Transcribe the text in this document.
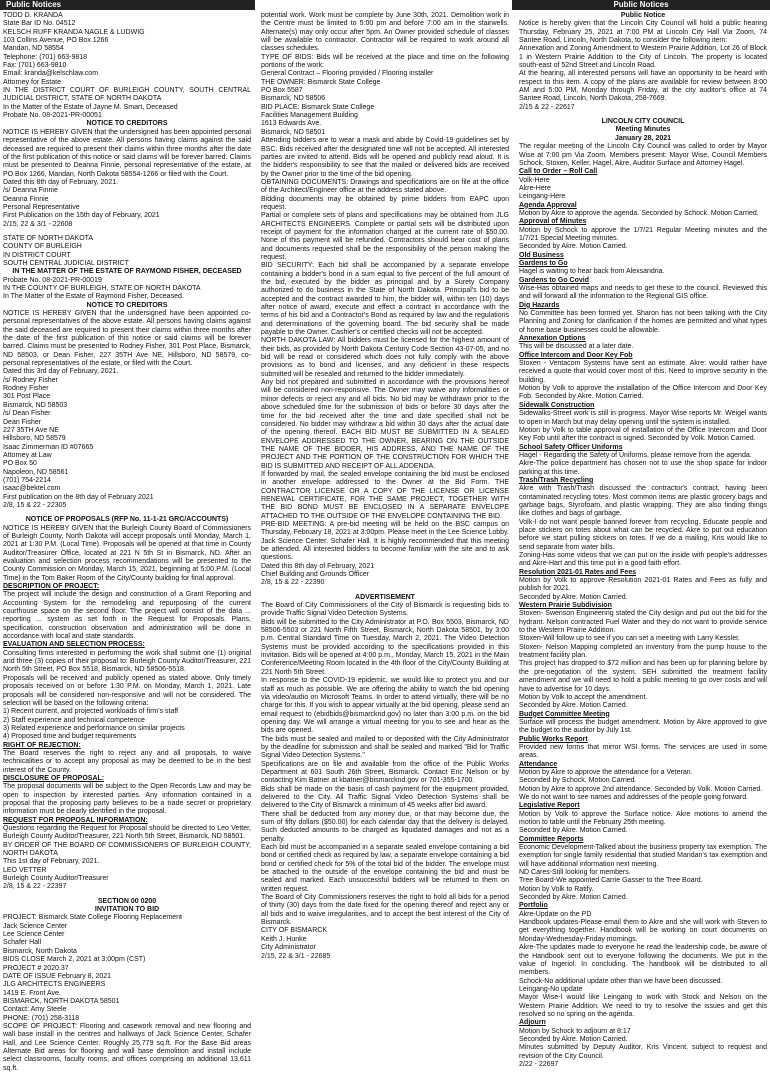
Public Notices	Public Notices

TODD D. KRANDA

State Bar ID No. 04512

KELSCH RUFF KRANDA NAGLE & LUDWIG

103 Collins Avenue, PO Box 1266

Mandan, ND 58554

Telephone: (701) 663-9818

Fax: (701) 663-9810

Email: kranda@kelschlaw.com

Attorney for Estate

IN THE DISTRICT COURT OF BURLEIGH COUNTY, SOUTH CENTRAL JUDICIAL DISTRICT, STATE OF NORTH DAKOTA

In the Matter of the Estate of Jayne M. Smart, Deceased

Probate No. 08-2021-PR-00051

NOTICE TO CREDITORS

NOTICE IS HEREBY GIVEN that the undersigned has been appointed personal representative of the above estate. All persons having claims against the said deceased are required to present their claims within three months after the date of the first publication of this notice or said claims will be forever barred. Claims must be presented to Deanna Finnie, personal representative of the estate, at PO Box 1266, Mandan, North Dakota 58554-1266 or filed with the Court.

Dated this 8th day of February, 2021.

/s/ Deanna Finnie

Deanna Finnie

Personal Representative

First Publication on the 15th day of February, 2021

2/15, 22 & 3/1 - 22608

STATE OF NORTH DAKOTA

COUNTY OF BURLEIGH

IN DISTRICT COURT

SOUTH CENTRAL JUDICIAL DISTRICT

IN THE MATTER OF THE ESTATE OF RAYMOND FISHER, DECEASED

Probate No. 08-2021-PR-00019

IN THE COUNTY OF BURLEIGH, STATE OF NORTH DAKOTA

In The Matter of the Estate of Raymond Fisher, Deceased.

NOTICE TO CREDITORS

NOTICE IS HEREBY GIVEN that the undersigned have been appointed co-personal representatives of the above estate. All persons having claims against the said deceased are required to present their claims within three months after the date of the first publication of this notice or said claims will be forever barred. Claims must be presented to Rodney Fisher, 301 Post Place, Bismarck, ND 58503, or Dean Fisher, 227 35TH Ave NE, Hillsboro, ND 58579, co-personal representatives of the estate, or filed with the Court.

Dated this 3rd day of February, 2021.

/s/ Rodney Fisher

Rodney Fisher

301 Post Place

Bismarck, ND 58503

/s/ Dean Fisher

Dean Fisher

227 35TH Ave NE

Hillsboro, ND 58579

Isaac Zimmerman ID #07665

Attorney at Law

PO Box 50

Napoleon, ND 58561

(701) 754-2214

isaac@bektel.com

First publication on the 8th day of February 2021

2/8, 15 & 22 - 22305

NOTICE OF PROPOSALS (RFP No. 11-1-21 GRC/ACCOUNTS)

NOTICE IS HEREBY GIVEN that the Burleigh County Board of Commissioners of Burleigh County, North Dakota will accept proposals until Monday, March 1, 2021 at 1:30 P.M. (Local Time). Proposals will be opened at that time in County Auditor/Treasurer Office, located at 221 N 5th St in Bismarck, ND. After an evaluation and selection process recommendations will be presented to the County Commission on Monday, March 15, 2021, beginning at 5:00 P.M. (Local Time) in the Tom Baker Room of the City/County building for final approval.

DESCRIPTION OF PROJECT:

The project will include the design and construction of a Grant Reporting and Accounting System for the remodeling and repurposing of the current courthouse space on the second floor. The project will consist of the data ... reporting ... system as set forth in the Request for Proposals. Plans, specification, construction observation and administration will be done in accordance with local and state standards.

EVALUATION AND SELECTION PROCESS:

Consulting firms interested in performing the work shall submit one (1) original and three (3) copies of their proposal to: Burleigh County Auditor/Treasurer, 221 North 5th Street, PO Box 5518, Bismarck, ND 58506-5518.

Proposals will be received and publicly opened as stated above. Only timely proposals received on or before 1:30 P.M. on Monday, March 1, 2021. Late proposals will be considered non-responsive and will not be considered. The selection will be based on the following criteria:

1) Recent current, and projected workloads of firm's staff

2) Staff experience and technical competence

3) Related experience and performance on similar projects

4) Proposed time and budget requirements

RIGHT OF REJECTION:

The Board reserves the right to reject any and all proposals, to waive technicalities or to accept any proposal as may be deemed to be in the best interest of the County.

DISCLOSURE OF PROPOSAL:

The proposal documents will be subject to the Open Records Law and may be open to inspection by interested parties. Any information contained in a proposal that the proposing party believes to be a trade secret or proprietary information must be clearly identified in the proposal.

REQUEST FOR PROPOSAL INFORMATION:

Questions regarding the Request for Proposal should be directed to Leo Vetter, Burleigh County Auditor/Treasurer, 221 North 5th Street, Bismarck, ND 58501.

BY ORDER OF THE BOARD OF COMMISSIONERS OF BURLEIGH COUNTY, NORTH DAKOTA

This 1st day of February, 2021.

LEO VETTER

Burleigh County Auditor/Treasurer

2/8, 15 & 22 - 22397

SECTION 00 0200

INVITATION TO BID

PROJECT: Bismarck State College Flooring Replacement

Jack Science Center

Lee Science Center

Schafer Hall

Bismarck, North Dakota

BIDS CLOSE March 2, 2021 at 3:00pm (CST)

PROJECT # 2020.37

DATE OF ISSUE February 8, 2021

JLG ARCHITECTS ENGINEERS

1419 E. Front Ave.

BISMARCK, NORTH DAKOTA 58501

Contact: Amy Steele

PHONE: (701) 258-3118

SCOPE OF PROJECT: Flooring and casework removal and new flooring and wall base install in the centres and hallways of Jack Science Center, Schafer Hall, and Lee Science Center. Roughly 25,779 sq.ft. For the Base Bid areas Alternate Bid areas for flooring and wall base demolition and install include select classrooms, faculty rooms, and offices comprising an additional 13,611 sq.ft.

potential work. Work must be complete by June 30th, 2021. Demolition work in the Centre must be limited to 5:00 pm and before 7:00 am in the stairwells. Alternate(s) may only occur after 5pm. An Owner provided schedule of classes will be available to contractor. Contractor will be required to work around all classes schedules.

TYPE OF BIDS: Bids will be received at the place and time on the following portions of the work:

General Contract – Flooring provided / Flooring installer

THE OWNER: Bismarck State College

PO Box 5587

Bismarck, ND 58506

BID PLACE: Bismarck State College

Facilities Management Building

1613 Edwards Ave.

Bismarck, ND 58501

Attending bidders are to wear a mask and abide by Covid-19 guidelines set by BSC. Bids received after the designated time will not be accepted. All interested parties are invited to attend. Bids will be opened and publicly read aloud. It is the bidder's responsibility to see that the mailed or delivered bids are received by the Owner prior to the time of the bid opening.

OBTAINING DOCUMENTS: Drawings and specifications are on file at the office of the Architect/Engineer office at the address stated above.

Bidding documents may be obtained by prime bidders from EAPC upon request.

Partial or complete sets of plans and specifications may be obtained from JLG ARCHITECTS ENGINEERS. Complete or partial sets will be distributed upon receipt of payment for the information charged at the current rate of $50.00. None of this payment will be refunded. Contractors should bear cost of plans and documents requested shall be the responsibility of the person making the request.

BID SECURITY: Each bid shall be accompanied by a separate envelope containing a bidder's bond in a sum equal to five percent of the full amount of the bid, executed by the bidder as principal and by a Surety Company authorized to do business in the State of North Dakota. Principal's bid to be accepted and the contract awarded to him, the bidder will, within ten (10) days after notice of award, execute and effect a contract in accordance with the terms of his bid and a Contractor's Bond as required by law and the regulations and determinations of the governing board. The bid security shall be made payable to the Owner. Cashier's or certified checks will not be accepted.

NORTH DAKOTA LAW: All bidders must be licensed for the highest amount of their bids, as provided by North Dakota Century Code Section 43-07-05, and no bid will be read or considered which does not fully comply with the above provisions as to bond and licenses, and any deficient in these respects submitted will be resealed and returned to the bidder immediately.

Any bid not prepared and submitted in accordance with the provisions hereof will be considered non-responsive. The Owner may waive any informalities or minor defects or reject any and all bids. No bid may be withdrawn prior to the above scheduled time for the submission of bids or before 30 days after the time for the bid received after the time and date specified shall not be considered. No bidder may withdraw a bid within 30 days after the actual date of the opening thereof. EACH BID MUST BE SUBMITTED IN A SEALED ENVELOPE ADDRESSED TO THE OWNER, BEARING ON THE OUTSIDE THE NAME OF THE BIDDER, HIS ADDRESS, AND THE NAME OF THE PROJECT AND THE PORTION OF THE CONSTRUCTION FOR WHICH THE BID IS SUBMITTED AND RECEIPT OF ALL ADDENDA.

If forwarded by mail, the sealed envelope containing the bid must be enclosed in another envelope addressed to the Owner at the Bid Form. THE CONTRACTOR LICENSE OR A COPY OF THE LICENSE OR LICENSE RENEWAL CERTIFICATE, FOR THE SAME PROJECT, TOGETHER WITH THE BID BOND MUST BE ENCLOSED IN A SEPARATE ENVELOPE ATTACHED TO THE OUTSIDE OF THE ENVELOPE CONTAINING THE BID.

PRE-BID MEETING: A pre-bid meeting will be held on the BSC campus on Thursday, February 18, 2021 at 3:00pm. Please meet in the Lee Science Lobby. Jack Science Center. Schafer Hall. It is highly recommended that this meeting be attended. All interested bidders to become familiar with the site and to ask questions.

Dated this 8th day of February, 2021

Chief Building and Grounds Officer

2/8, 15 & 22 - 22390

ADVERTISEMENT

The Board of City Commissioners of the City of Bismarck is requesting bids to provide Traffic Signal Video Detection Systems.

Bids will be submitted to the City Administrator at P.O. Box 5503, Bismarck, ND 58506-5503 or 221 North Fifth Street, Bismarck, North Dakota 58501, by 3:00 p.m. Central Standard Time on Tuesday, March 2, 2021. The Video Detection Systems must be provided according to the specifications provided in this invitation. Bids will be opened at 4:00 p.m., Monday, March 15, 2021 in the Main Conference/Meeting Room located in the 4th floor of the City/County Building at 221 North 5th Street.

In response to the COVID-19 epidemic, we would like to protect you and our staff as much as possible. We are offering the ability to watch the bid opening via video/audio on Microsoft Teams. In order to attend virtually, there will be no charge for this. If you wish to appear virtually at the bid opening, please send an email request to (ebidbids@bismarcknd.gov) no later than 3:00 p.m. on the bid opening day. We will arrange a virtual meeting for you to see and hear as the bids are opened.

The bids must be sealed and mailed to or deposited with the City Administrator by the deadline for submission and shall be sealed and marked "Bid for Traffic Signal Video Detection Systems."

Specifications are on file and available from the office of the Public Works Department at 601 South 26th Street, Bismarck. Contact Eric Nelson or by contacting Kim Batner at kbatner@bismarcknd.gov or 701-355-1700.

Bids shall be made on the basis of cash payment for the equipment provided, delivered to the City. All Traffic Signal Video Detection Systems shall be delivered to the City of Bismarck a minimum of 45 weeks after bid award.

There shall be deducted from any money due, or that may become due, the sum of fifty dollars ($50.00) for each calendar day that the delivery is delayed. Such deducted amounts to be charged as liquidated damages and not as a penalty.

Each bid must be accompanied in a separate sealed envelope containing a bid bond or certified check as required by law, a separate envelope containing a bid bond or certified check for 5% of the total bid of the bidder. The envelope must be attached to the outside of the envelope containing the bid and must be sealed and marked. Each unsuccessful bidders will be returned to them on written request.

The Board of City Commissioners reserves the right to hold all bids for a period of thirty (30) days from the date fixed for the opening thereof and reject any or all bids and to waive irregularities, and to accept the best interest of the City of Bismarck.

CITY OF BISMARCK

Keith J. Hunke

City Administrator

2/15, 22 & 3/1 - 22685

Public Notice

Notice is hereby given that the Lincoln City Council will hold a public hearing Thursday, February 25, 2021 at 7:00 PM at Lincoln City Hall Via Zoom, 74 Santee Road, Lincoln, North Dakota, to consider the following item:

Annexation and Zoning Amendment to Western Prairie Addition, Lot 26 of Block 1 in Western Prairie Addition to the City of Lincoln. The property is located south-east of 52nd Street and Lincoln Road.

At the hearing, all interested persons will have an opportunity to be heard with respect to this item. A copy of the plans are available for review between 8:00 AM and 5:00 PM, Monday through Friday, at the city auditor's office at 74 Santee Road, Lincoln, North Dakota, 258-7669.

2/15 & 22 - 22617

LINCOLN CITY COUNCIL

Meeting Minutes

January 28, 2021

The regular meeting of the Lincoln City Council was called to order by Mayor Wise at 7:00 pm Via Zoom. Members present: Mayor Wise, Council Members Schock, Stoxen, Keller, Hagel, Akre, Auditor Surface and Attorney Hagel.

Call to Order – Roll Call

Volk-Here

Akre-Here

Leingang-Here

Agenda Approval

Motion by Akre to approve the agenda. Seconded by Schock. Motion Carried.

Approval of Minutes

Motion by Schock to approve the 1/7/21 Regular Meeting minutes and the 1/7/21 Special Meeting minutes.

Seconded by Akre. Motion Carried.

Old Business

Gardens to Go

Hagel is waiting to hear back from Alexsandria.

Gardens to Go Covid

Wise-Has obtained maps and needs to get these to the council. Reviewed this and will forward all the information to the Regional GIS office.

Dig Hazards

No Committee has been formed yet. Sharon has not been talking with the City Planning and Zoning for clarification if the homes are permitted and what types of home base businesses could be allowable.

Annexation Options

This will be discussed at a later date.

Office Intercom and Door Key Fob

Stoxen - Ventacom Systems have sent an estimate. Akre: would rather have received a quote that would cover most of this. Need to improve security in the building.

Motion by Volk to approve the installation of the Office Intercom and Door Key Fob. Seconded by Akre. Motion Carried.

Sidewalk Construction

Sidewalks-Street work is still in progress. Mayor Wise reports Mr. Weigel wants to open in March but may delay opening until the system is installed.

Motion by Volk to table approval of installation of the Office Intercom and Door Key Fob until after the contract is signed. Seconded by Volk. Motion Carried.

School Safety Officer Uniforms

Hagel - Regarding the Safety of Uniforms, please remove from the agenda.

Akre-The police department has chosen not to use the shop space for indoor parking at this time.

Trash/Trash Recycling

Akre with Trash/Trash discussed the contractor's contract, having been contaminated recycling totes. Most common items are plastic grocery bags and garbage bags, Styrofoam, and plastic wrapping. They are also finding things like clothes and bags of garbage.

Volk-I do not want people banned forever from recycling. Educate people and place stickers on totes about what can be recycled. Akre to put out education before we start pulling stickers on totes. If we do a mailing, Kris would like to send separate from water bills.

Zoning-Has some videos that we can put on the inside with people's addresses and Akre-Hart and this time put in a good faith effort.

Resolution 2021-01 Rates and Fees

Motion by Volk to approve Resolution 2021-01 Rates and Fees as fully and publish for 2021.

Seconded by Akre. Motion Carried.

Western Prairie Subdivision

Stoxen- Swenson Engineering stated the City design and put out the bid for the hydrant. Nelson contracted Fuel Water and they do not want to provide service to the Western Prairie Addition.

Stoxen-Will follow up to see if you can set a meeting with Larry Kessler.

Stoxen- Nelson Mapping completed an inventory from the pump house to the treatment facility plan.

This project has dropped to $72 million and has been up for planning before by the pre-negotiation of the system. SEH submitted the treatment facility amendment and we will need to hold a public meeting to go over costs and will have to advertise for 10 days.

Motion by Volk to accept the amendment.

Seconded by Akre. Motion Carried.

Budget Committee Meeting

Surface will process the budget amendment. Motion by Akre approved to give the budget to the auditor by July 1st.

Public Works Report

Provided new forms that mirror WSI forms. The services are used in some areas.

Attendance

Motion by Akre to approve the attendance for a Veteran.

Seconded by Schock. Motion Carried.

Motion by Akre to approve 2nd attendance. Seconded by Volk. Motion Carried.

We do not want to see names and addresses of the people going forward.

Legislative Report

Motion by Volk to approve the Surface notice. Akre motions to amend the motion to table until the February 25th meeting.

Seconded by Akre. Motion Carried.

Committee Reports

Economic Development-Talked about the business property tax exemption. The exemption for single family residential that studied Mandan's tax exemption and will have additional information next meeting.

ND Cares-Still looking for members.

Tree Board-We appointed Carrie Gasser to the Tree Board.

Motion by Volk to Ratify.

Seconded by Akre. Motion Carried.

Portfolio

Akre-Update on the PD

Handbook updates-Please email them to Akre and she will work with Steven to get everything together. Handbook will be working on court documents on Monday-Wednesday-Friday mornings.

Akre-The updates made to everyone he read the leadership code, be aware of the Handbook sent out to everyone following the documents. We put in the value of Ingeriol. In concluding. The handbook will be distributed to all members.

Schock-No additional update other than we have been discussed.

Leingang-No update

Mayor Wise-I would like Leingang to work with Stock and Nelson on the Western Prairie Addition. We need to try to resolve the issues and get this resolved so no spring on the agenda.

Adjourn

Motion by Schock to adjourn at 8:17

Seconded by Akre. Motion Carried.

Minutes submitted by Deputy Auditor, Kris Vincent, subject to request and revision of the City Council.

2/22 - 22697
